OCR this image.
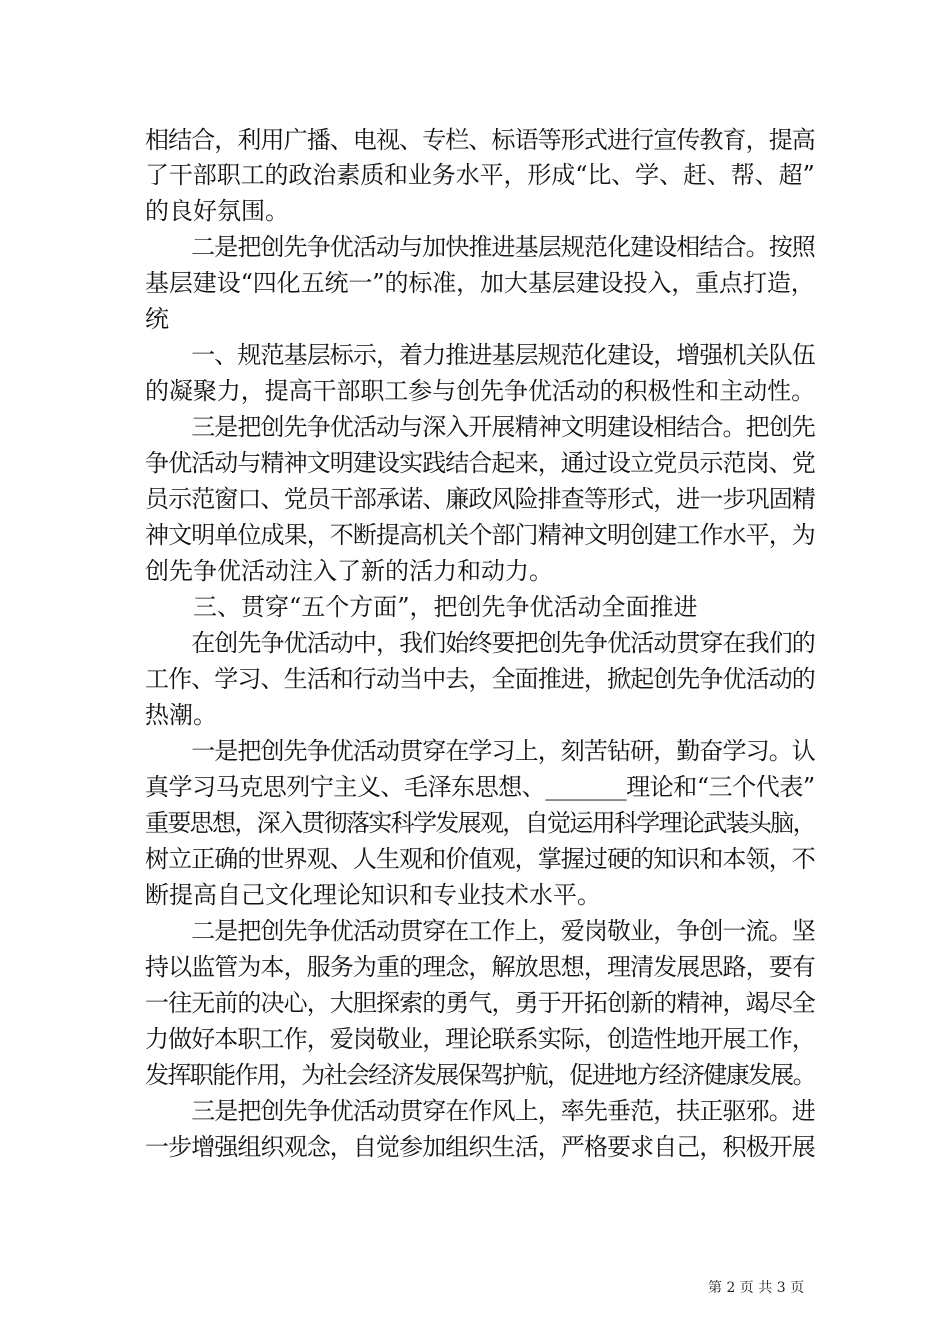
相结合，利用广播、电视、专栏、标语等形式进行宣传教育，提高
了干部职工的政治素质和业务水平，形成“比、学、赶、帮、超”
的良好氛围。
　　二是把创先争优活动与加快推进基层规范化建设相结合。按照
基层建设“四化五统一”的标准，加大基层建设投入，重点打造，
统
　　一、规范基层标示，着力推进基层规范化建设，增强机关队伍
的凝聚力，提高干部职工参与创先争优活动的积极性和主动性。
　　三是把创先争优活动与深入开展精神文明建设相结合。把创先
争优活动与精神文明建设实践结合起来，通过设立党员示范岗、党
员示范窗口、党员干部承诺、廉政风险排查等形式，进一步巩固精
神文明单位成果，不断提高机关个部门精神文明创建工作水平，为
创先争优活动注入了新的活力和动力。
　　三、贯穿“五个方面”，把创先争优活动全面推进
　　在创先争优活动中，我们始终要把创先争优活动贯穿在我们的
工作、学习、生活和行动当中去，全面推进，掀起创先争优活动的
热潮。
　　一是把创先争优活动贯穿在学习上，刻苦钻研，勤奋学习。认
真学习马克思列宁主义、毛泽东思想、_______理论和“三个代表”
重要思想，深入贯彻落实科学发展观，自觉运用科学理论武装头脑，
树立正确的世界观、人生观和价值观，掌握过硬的知识和本领，不
断提高自己文化理论知识和专业技术水平。
　　二是把创先争优活动贯穿在工作上，爱岗敬业，争创一流。坚
持以监管为本，服务为重的理念，解放思想，理清发展思路，要有
一往无前的决心，大胆探索的勇气，勇于开拓创新的精神，竭尽全
力做好本职工作，爱岗敬业，理论联系实际，创造性地开展工作，
发挥职能作用，为社会经济发展保驾护航，促进地方经济健康发展。
　　三是把创先争优活动贯穿在作风上，率先垂范，扶正驱邪。进
一步增强组织观念，自觉参加组织生活，严格要求自己，积极开展
第 2 页 共 3 页
